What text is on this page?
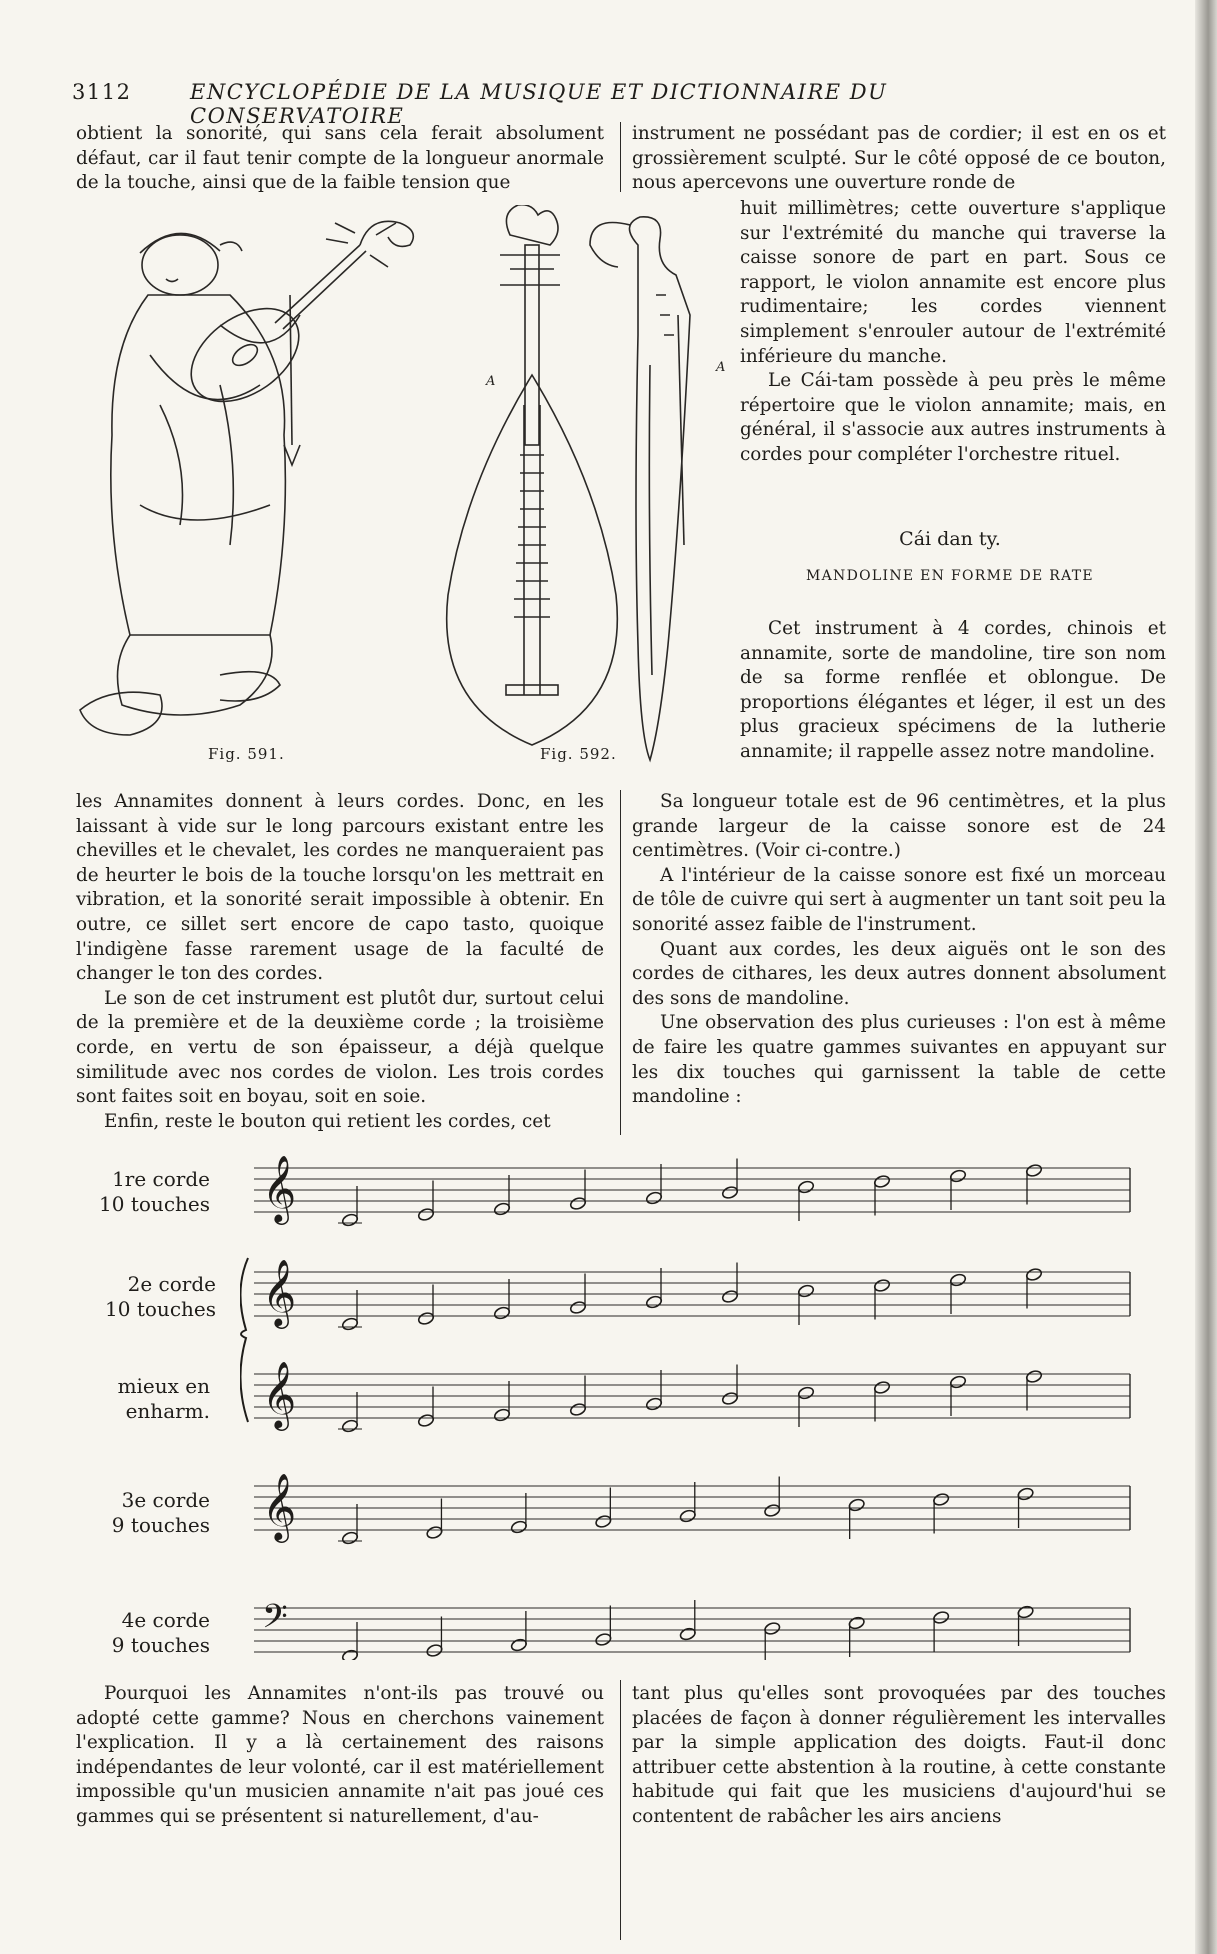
3112	ENCYCLOPÉDIE DE LA MUSIQUE ET DICTIONNAIRE DU CONSERVATOIRE

obtient la sonorité, qui sans cela ferait absolument défaut, car il faut tenir compte de la longueur anormale de la touche, ainsi que de la faible tension que

A
A
Fig. 591.	Fig. 592.

les Annamites donnent à leurs cordes. Donc, en les laissant à vide sur le long parcours existant entre les chevilles et le chevalet, les cordes ne manqueraient pas de heurter le bois de la touche lorsqu'on les mettrait en vibration, et la sonorité serait impossible à obtenir. En outre, ce sillet sert encore de capo tasto, quoique l'indigène fasse rarement usage de la faculté de changer le ton des cordes.

Le son de cet instrument est plutôt dur, surtout celui de la première et de la deuxième corde ; la troisième corde, en vertu de son épaisseur, a déjà quelque similitude avec nos cordes de violon. Les trois cordes sont faites soit en boyau, soit en soie.

Enfin, reste le bouton qui retient les cordes, cet

instrument ne possédant pas de cordier; il est en os et grossièrement sculpté. Sur le côté opposé de ce bouton, nous apercevons une ouverture ronde de

huit millimètres; cette ouverture s'applique sur l'extrémité du manche qui traverse la caisse sonore de part en part. Sous ce rapport, le violon annamite est encore plus rudimentaire; les cordes viennent simplement s'enrouler autour de l'extrémité inférieure du manche.

Le Cái-tam possède à peu près le même répertoire que le violon annamite; mais, en général, il s'associe aux autres instruments à cordes pour compléter l'orchestre rituel.

Cái dan ty.
MANDOLINE EN FORME DE RATE

Cet instrument à 4 cordes, chinois et annamite, sorte de mandoline, tire son nom de sa forme renflée et oblongue. De proportions élégantes et léger, il est un des plus gracieux spécimens de la lutherie annamite; il rappelle assez notre mandoline.

Sa longueur totale est de 96 centimètres, et la plus grande largeur de la caisse sonore est de 24 centimètres. (Voir ci-contre.)

A l'intérieur de la caisse sonore est fixé un morceau de tôle de cuivre qui sert à augmenter un tant soit peu la sonorité assez faible de l'instrument.

Quant aux cordes, les deux aiguës ont le son des cordes de cithares, les deux autres donnent absolument des sons de mandoline.

Une observation des plus curieuses : l'on est à même de faire les quatre gammes suivantes en appuyant sur les dix touches qui garnissent la table de cette mandoline :

1re corde
10 touches
2e corde
10 touches
mieux en
enharm.
3e corde
9 touches
4e corde
9 touches
𝄞
𝄞
𝄞
𝄞
𝄢

Pourquoi les Annamites n'ont-ils pas trouvé ou adopté cette gamme? Nous en cherchons vainement l'explication. Il y a là certainement des raisons indépendantes de leur volonté, car il est matériellement impossible qu'un musicien annamite n'ait pas joué ces gammes qui se présentent si naturellement, d'au-

tant plus qu'elles sont provoquées par des touches placées de façon à donner régulièrement les intervalles par la simple application des doigts. Faut-il donc attribuer cette abstention à la routine, à cette constante habitude qui fait que les musiciens d'aujourd'hui se contentent de rabâcher les airs anciens
